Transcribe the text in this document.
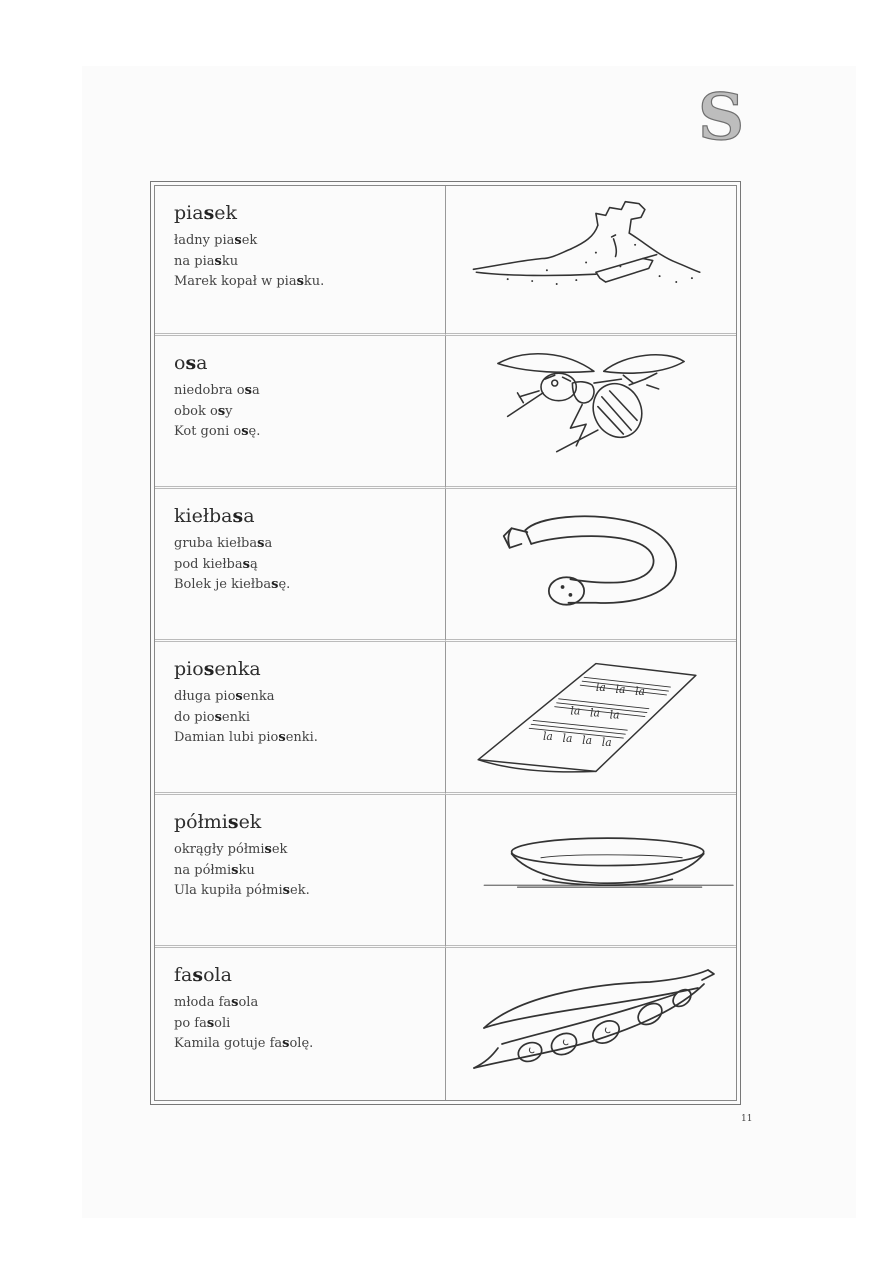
S

piasek

ładny piasek

na piasku

Marek kopał w piasku.

osa

niedobra osa

obok osy

Kot goni osę.

kiełbasa

gruba kiełbasa

pod kiełbasą

Bolek je kiełbasę.

piosenka

długa piosenka

do piosenki

Damian lubi piosenki.

la la la
la la la
la la la la

półmisek

okrągły półmisek

na półmisku

Ula kupiła półmisek.

fasola

młoda fasola

po fasoli

Kamila gotuje fasolę.

11
